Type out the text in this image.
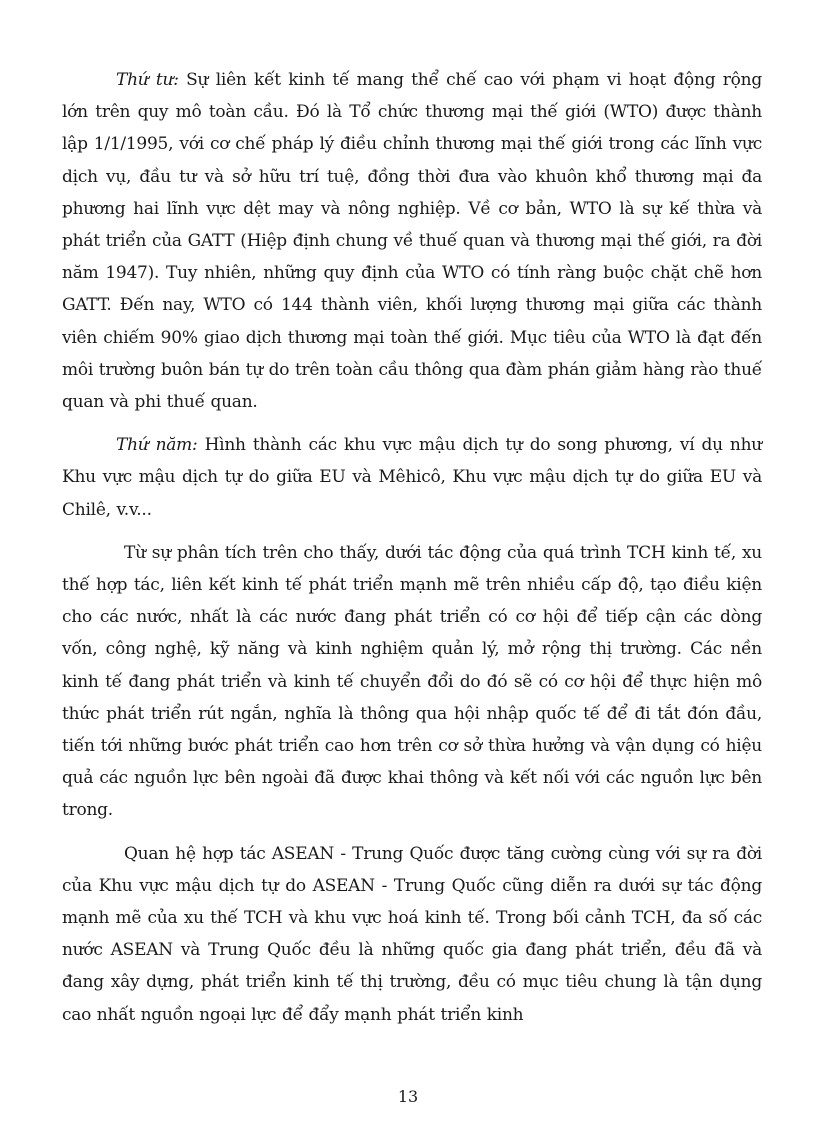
Thứ tư: Sự liên kết kinh tế mang thể chế cao với phạm vi hoạt động rộng lớn trên quy mô toàn cầu. Đó là Tổ chức thương mại thế giới (WTO) được thành lập 1/1/1995, với cơ chế pháp lý điều chỉnh thương mại thế giới trong các lĩnh vực dịch vụ, đầu tư và sở hữu trí tuệ, đồng thời đưa vào khuôn khổ thương mại đa phương hai lĩnh vực dệt may và nông nghiệp. Về cơ bản, WTO là sự kế thừa và phát triển của GATT (Hiệp định chung về thuế quan và thương mại thế giới, ra đời năm 1947). Tuy nhiên, những quy định của WTO có tính ràng buộc chặt chẽ hơn GATT. Đến nay, WTO có 144 thành viên, khối lượng thương mại giữa các thành viên chiếm 90% giao dịch thương mại toàn thế giới. Mục tiêu của WTO là đạt đến môi trường buôn bán tự do trên toàn cầu thông qua đàm phán giảm hàng rào thuế quan và phi thuế quan.

Thứ năm: Hình thành các khu vực mậu dịch tự do song phương, ví dụ như Khu vực mậu dịch tự do giữa EU và Mêhicô, Khu vực mậu dịch tự do giữa EU và Chilê, v.v...

Từ sự phân tích trên cho thấy, dưới tác động của quá trình TCH kinh tế, xu thế hợp tác, liên kết kinh tế phát triển mạnh mẽ trên nhiều cấp độ, tạo điều kiện cho các nước, nhất là các nước đang phát triển có cơ hội để tiếp cận các dòng vốn, công nghệ, kỹ năng và kinh nghiệm quản lý, mở rộng thị trường. Các nền kinh tế đang phát triển và kinh tế chuyển đổi do đó sẽ có cơ hội để thực hiện mô thức phát triển rút ngắn, nghĩa là thông qua hội nhập quốc tế để đi tắt đón đầu, tiến tới những bước phát triển cao hơn trên cơ sở thừa hưởng và vận dụng có hiệu quả các nguồn lực bên ngoài đã được khai thông và kết nối với các nguồn lực bên trong.

Quan hệ hợp tác ASEAN - Trung Quốc được tăng cường cùng với sự ra đời của Khu vực mậu dịch tự do ASEAN - Trung Quốc cũng diễn ra dưới sự tác động mạnh mẽ của xu thế TCH và khu vực hoá kinh tế. Trong bối cảnh TCH, đa số các nước ASEAN và Trung Quốc đều là những quốc gia đang phát triển, đều đã và đang xây dựng, phát triển kinh tế thị trường, đều có mục tiêu chung là tận dụng cao nhất nguồn ngoại lực để đẩy mạnh phát triển kinh

13
